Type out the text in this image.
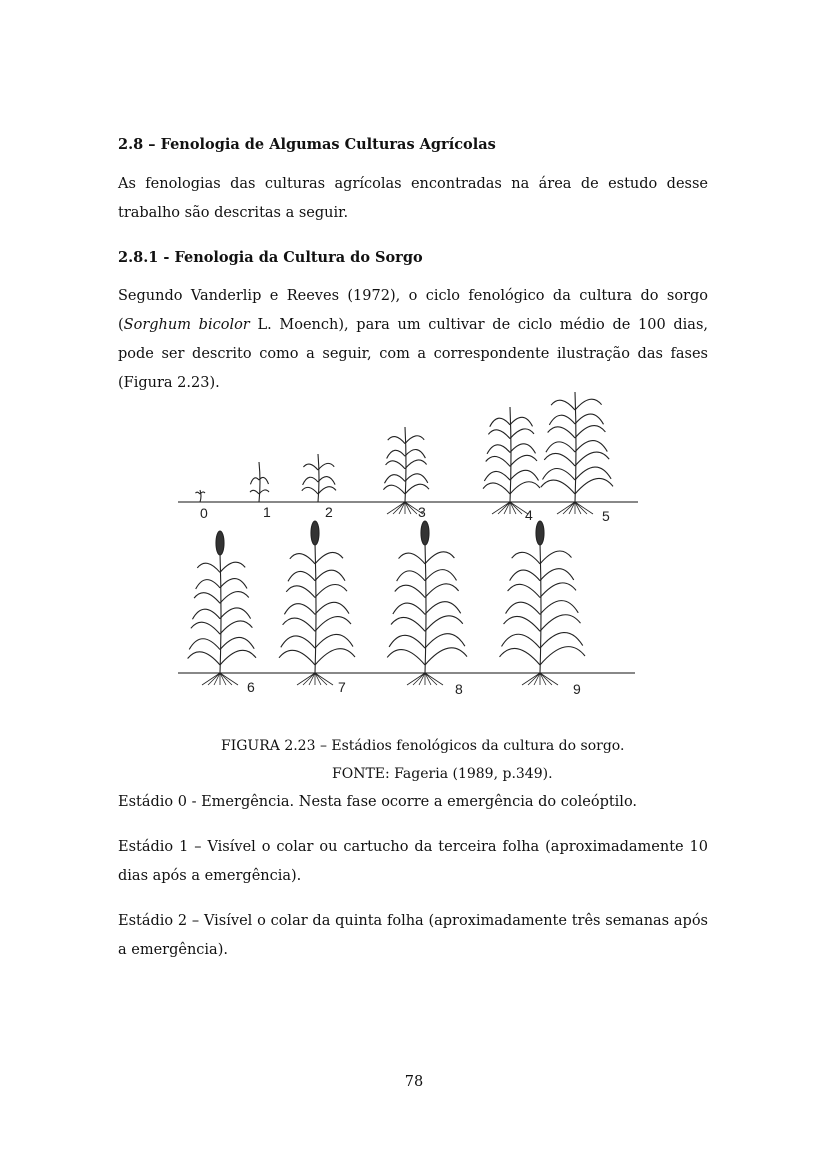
2.8 – Fenologia de Algumas Culturas Agrícolas

As fenologias das culturas agrícolas encontradas na área de estudo desse trabalho são descritas a seguir.

2.8.1 - Fenologia da Cultura do Sorgo

Segundo Vanderlip e Reeves (1972), o ciclo fenológico da cultura do sorgo (Sorghum bicolor L. Moench), para um cultivar de ciclo médio de 100 dias, pode ser descrito como a seguir, com a correspondente ilustração das fases (Figura 2.23).

0	1	2	3	4	5
6	7	8	9

FIGURA 2.23 – Estádios fenológicos da cultura do sorgo.

FONTE: Fageria (1989, p.349).

Estádio 0 - Emergência. Nesta fase ocorre a emergência do coleóptilo.

Estádio 1 – Visível o colar ou cartucho da terceira folha (aproximadamente 10 dias após a emergência).

Estádio 2 – Visível o colar da quinta folha (aproximadamente três semanas após a emergência).

78
